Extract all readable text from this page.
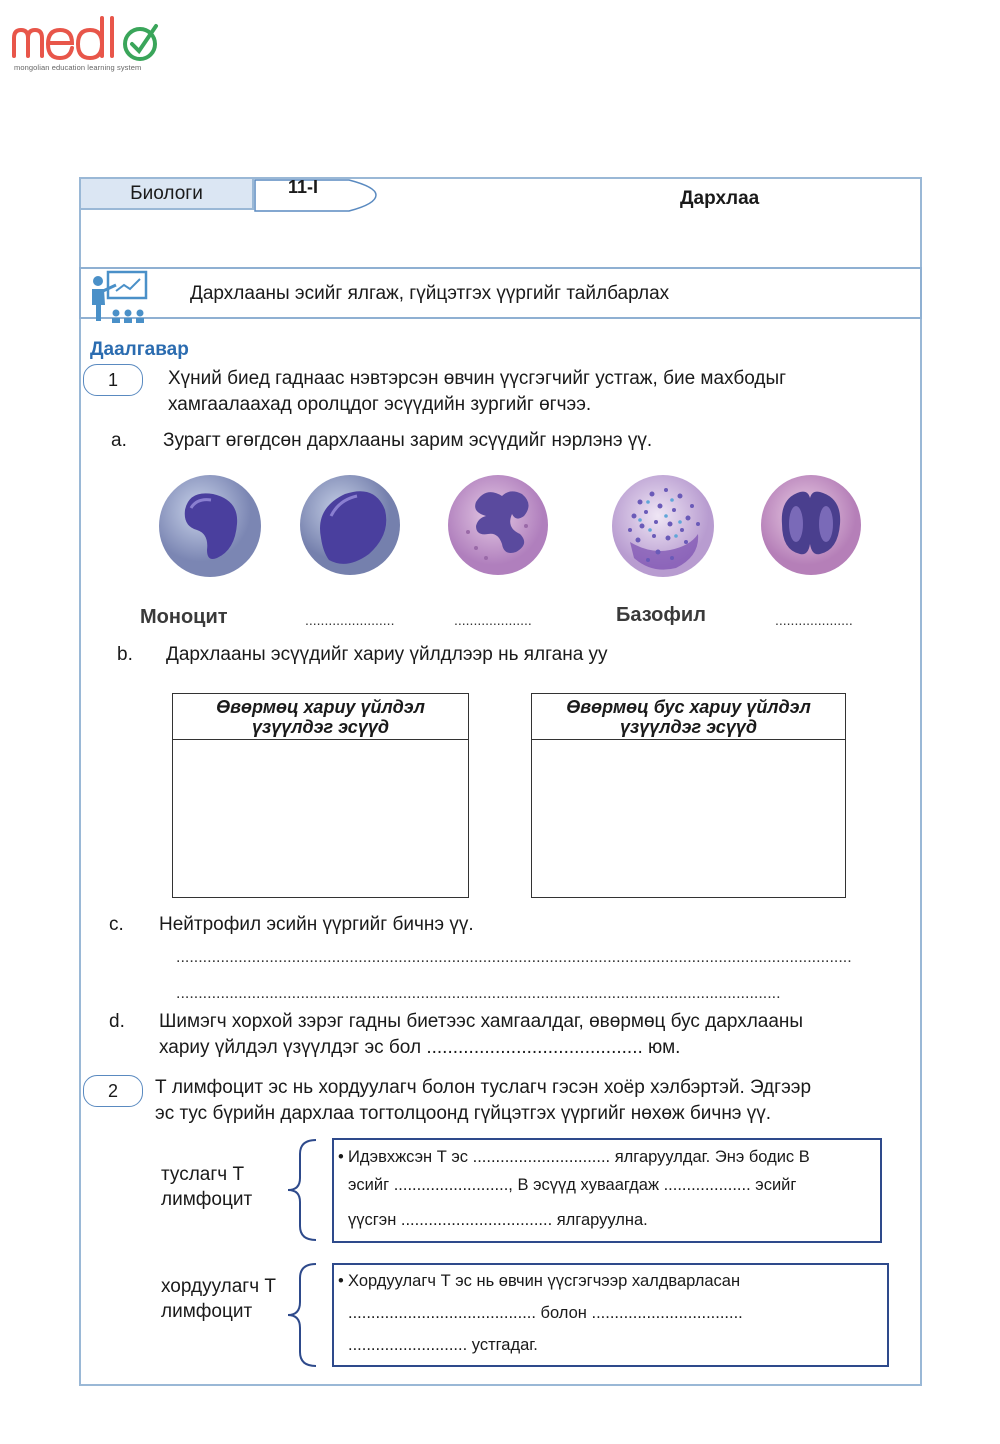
mongolian education learning system
Биологи	11-I
Дархлаа
Дархлааны эсийг ялгаж, гүйцэтгэх үүргийг тайлбарлах
Даалгавар
1	Хүний биед гаднаас нэвтэрсэн өвчин үүсгэгчийг устгаж, бие махбодыг
хамгаалаахад оролцдог эсүүдийн зургийг өгчээ.
a. Зурагт өгөгдсөн дархлааны зарим эсүүдийг нэрлэнэ үү.
Моноцит	.......................	....................	Базофил	....................
b. Дархлааны эсүүдийг хариу үйлдлээр нь ялгана уу
Өвөрмөц хариу үйлдэл
үзүүлдэг эсүүд
Өвөрмөц бус хариу үйлдэл
үзүүлдэг эсүүд
c. Нейтрофил эсийн үүргийг бичнэ үү.
........................................................................................................................................................
........................................................................................................................................
d. Шимэгч хорхой зэрэг гадны биетээс хамгаалдаг, өвөрмөц бус дархлааны
хариу үйлдэл үзүүлдэг эс бол ......................................... юм.
2	Т лимфоцит эс нь хордуулагч болон туслагч гэсэн хоёр хэлбэртэй. Эдгээр
эс тус бүрийн дархлаа тогтолцоонд гүйцэтгэх үүргийг нөхөж бичнэ үү.
туслагч Т
лимфоцит
• Идэвхжсэн Т эс .............................. ялгаруулдаг. Энэ бодис В
эсийг ........................., В эсүүд хуваагдаж ................... эсийг
үүсгэн ................................. ялгаруулна.
хордуулагч Т
лимфоцит
• Хордуулагч Т эс нь өвчин үүсгэгчээр халдварласан
......................................... болон .................................
.......................... устгадаг.
